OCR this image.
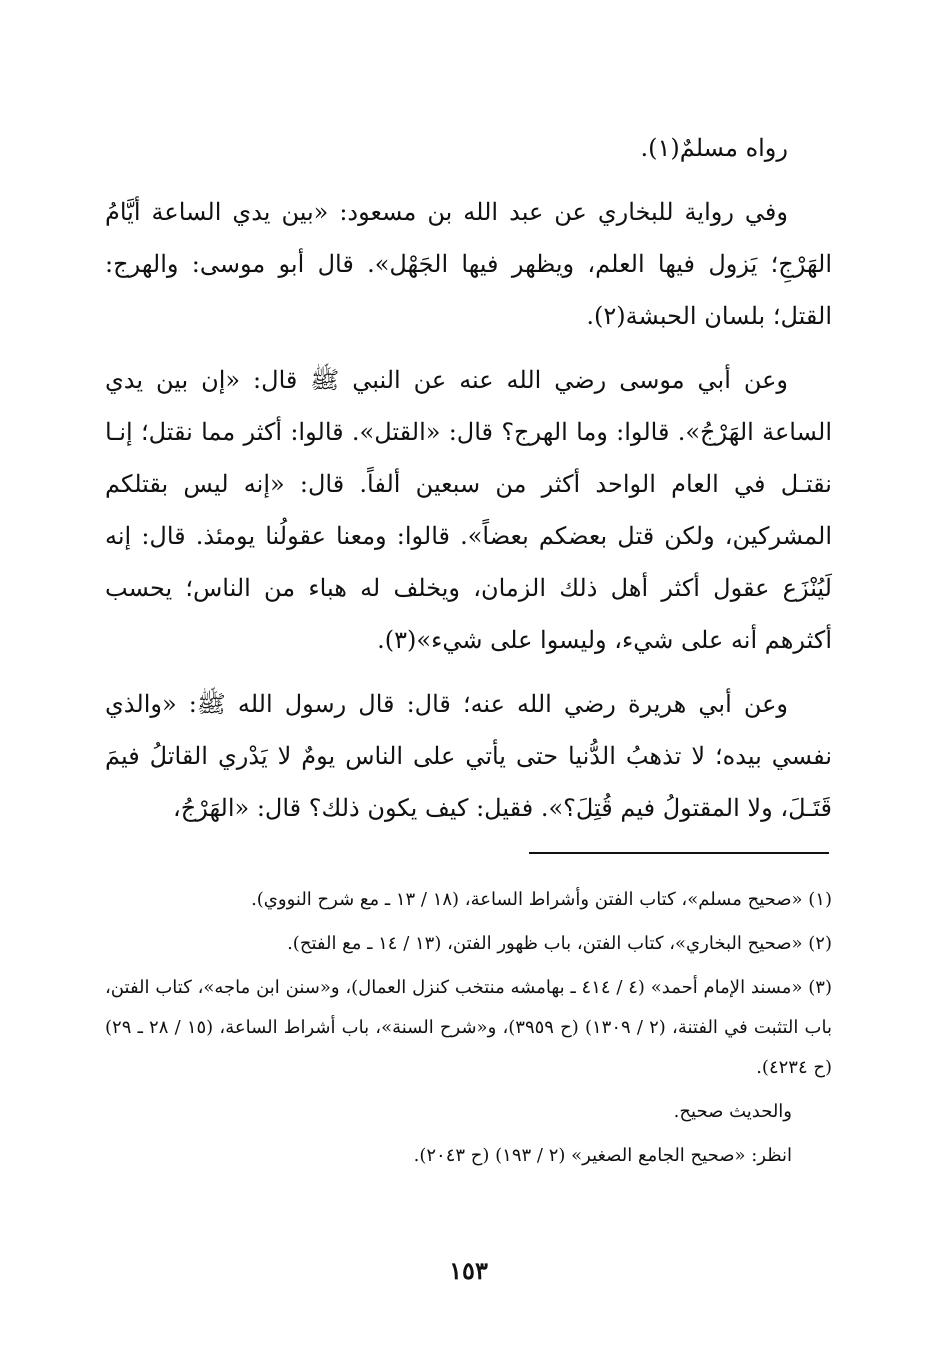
رواه مسلمٌ(١).

وفي رواية للبخاري عن عبد الله بن مسعود: «بين يدي الساعة أيَّامُ الهَرْجِ؛ يَزول فيها العلم، ويظهر فيها الجَهْل». قال أبو موسى: والهرج: القتل؛ بلسان الحبشة(٢).

وعن أبي موسى رضي الله عنه عن النبي ﷺ قال: «إن بين يدي الساعة الهَرْجُ». قالوا: وما الهرج؟ قال: «القتل». قالوا: أكثر مما نقتل؛ إنـا نقتـل في العام الواحد أكثر من سبعين ألفاً. قال: «إنه ليس بقتلكم المشركين، ولكن قتل بعضكم بعضاً». قالوا: ومعنا عقولُنا يومئذ. قال: إنه لَيُنْزَع عقول أكثر أهل ذلك الزمان، ويخلف له هباء من الناس؛ يحسب أكثرهم أنه على شيء، وليسوا على شيء»(٣).

وعن أبي هريرة رضي الله عنه؛ قال: قال رسول الله ﷺ: «والذي نفسي بيده؛ لا تذهبُ الدُّنيا حتى يأتي على الناس يومٌ لا يَدْري القاتلُ فيمَ قَتَـلَ، ولا المقتولُ فيم قُتِلَ؟». فقيل: كيف يكون ذلك؟ قال: «الهَرْجُ،

(١) «صحيح مسلم»، كتاب الفتن وأشراط الساعة، (١٨ / ١٣ ـ مع شرح النووي).

(٢) «صحيح البخاري»، كتاب الفتن، باب ظهور الفتن، (١٣ / ١٤ ـ مع الفتح).

(٣) «مسند الإمام أحمد» (٤ / ٤١٤ ـ بهامشه منتخب كنزل العمال)، و«سنن ابن ماجه»، كتاب الفتن، باب التثبت في الفتنة، (٢ / ١٣٠٩) (ح ٣٩٥٩)، و«شرح السنة»، باب أشراط الساعة، (١٥ / ٢٨ ـ ٢٩) (ح ٤٢٣٤).

والحديث صحيح.

انظر: «صحيح الجامع الصغير» (٢ / ١٩٣) (ح ٢٠٤٣).

١٥٣
